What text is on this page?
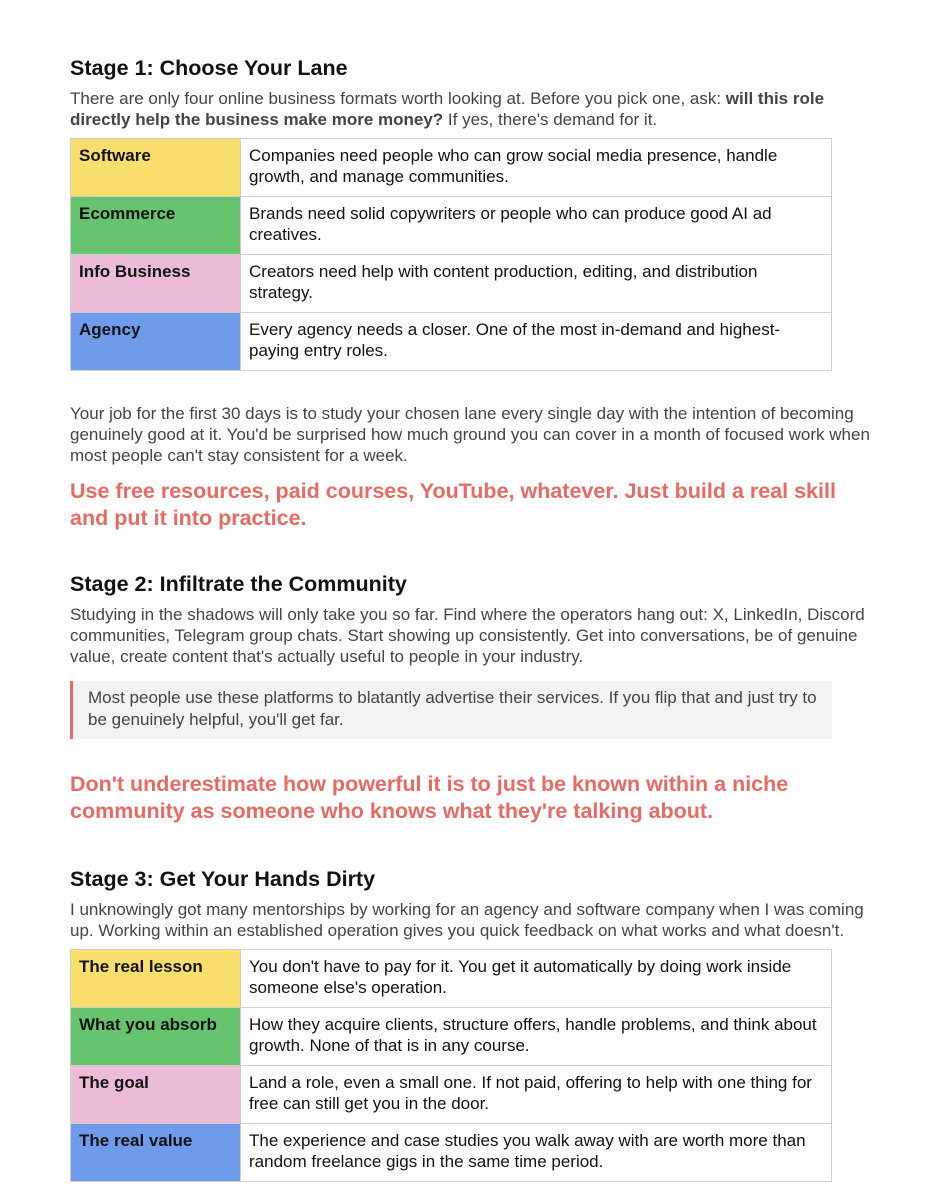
Stage 1: Choose Your Lane

There are only four online business formats worth looking at. Before you pick one, ask: will this role directly help the business make more money? If yes, there's demand for it.

Software	Companies need people who can grow social media presence, handle growth, and manage communities.
Ecommerce	Brands need solid copywriters or people who can produce good AI ad creatives.
Info Business	Creators need help with content production, editing, and distribution strategy.
Agency	Every agency needs a closer. One of the most in-demand and highest-paying entry roles.

Your job for the first 30 days is to study your chosen lane every single day with the intention of becoming genuinely good at it. You'd be surprised how much ground you can cover in a month of focused work when most people can't stay consistent for a week.

Use free resources, paid courses, YouTube, whatever. Just build a real skill and put it into practice.

Stage 2: Infiltrate the Community

Studying in the shadows will only take you so far. Find where the operators hang out: X, LinkedIn, Discord communities, Telegram group chats. Start showing up consistently. Get into conversations, be of genuine value, create content that's actually useful to people in your industry.

Most people use these platforms to blatantly advertise their services. If you flip that and just try to be genuinely helpful, you'll get far.

Don't underestimate how powerful it is to just be known within a niche community as someone who knows what they're talking about.

Stage 3: Get Your Hands Dirty

I unknowingly got many mentorships by working for an agency and software company when I was coming up. Working within an established operation gives you quick feedback on what works and what doesn't.

The real lesson	You don't have to pay for it. You get it automatically by doing work inside someone else's operation.
What you absorb	How they acquire clients, structure offers, handle problems, and think about growth. None of that is in any course.
The goal	Land a role, even a small one. If not paid, offering to help with one thing for free can still get you in the door.
The real value	The experience and case studies you walk away with are worth more than random freelance gigs in the same time period.
